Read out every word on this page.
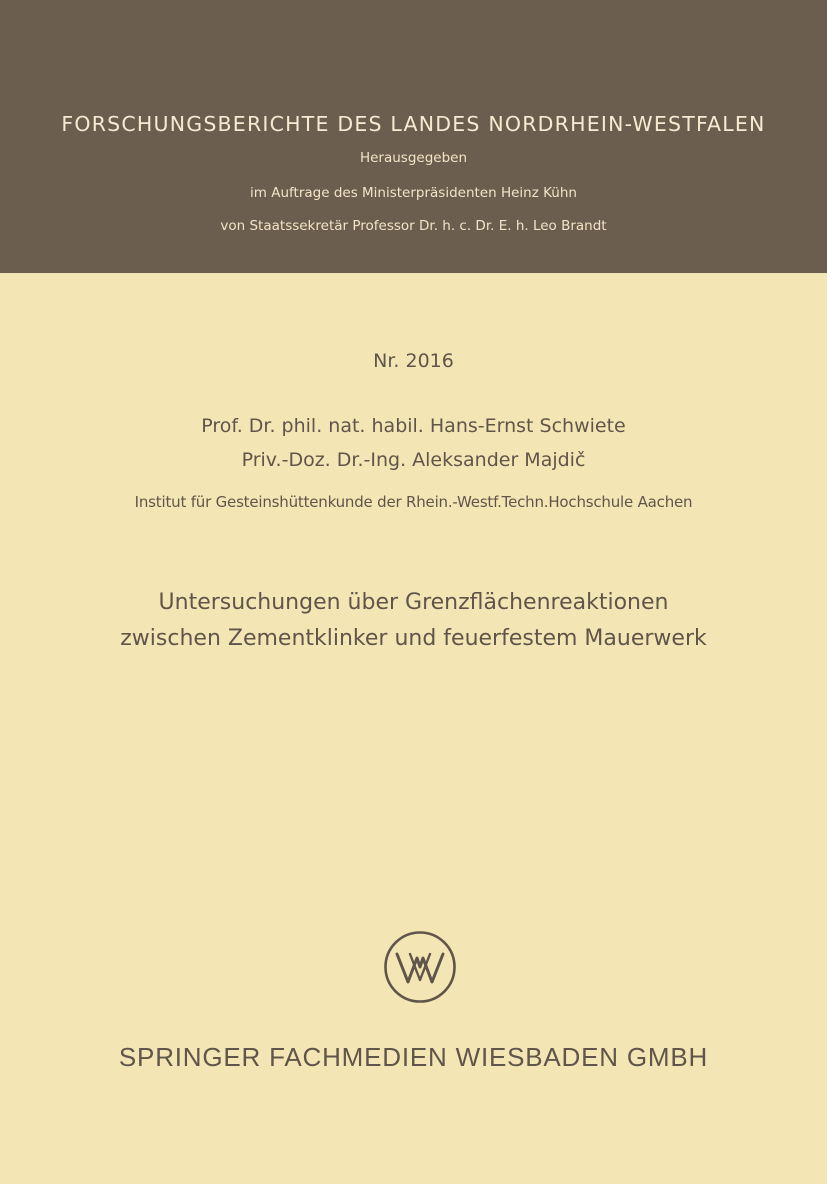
FORSCHUNGSBERICHTE DES LANDES NORDRHEIN-WESTFALEN
Herausgegeben
im Auftrage des Ministerpräsidenten Heinz Kühn
von Staatssekretär Professor Dr. h. c. Dr. E. h. Leo Brandt
Nr. 2016
Prof. Dr. phil. nat. habil. Hans-Ernst Schwiete
Priv.-Doz. Dr.-Ing. Aleksander Majdič
Institut für Gesteinshüttenkunde der Rhein.-Westf.Techn.Hochschule Aachen
Untersuchungen über Grenzflächenreaktionen
zwischen Zementklinker und feuerfestem Mauerwerk
SPRINGER FACHMEDIEN WIESBADEN GMBH
